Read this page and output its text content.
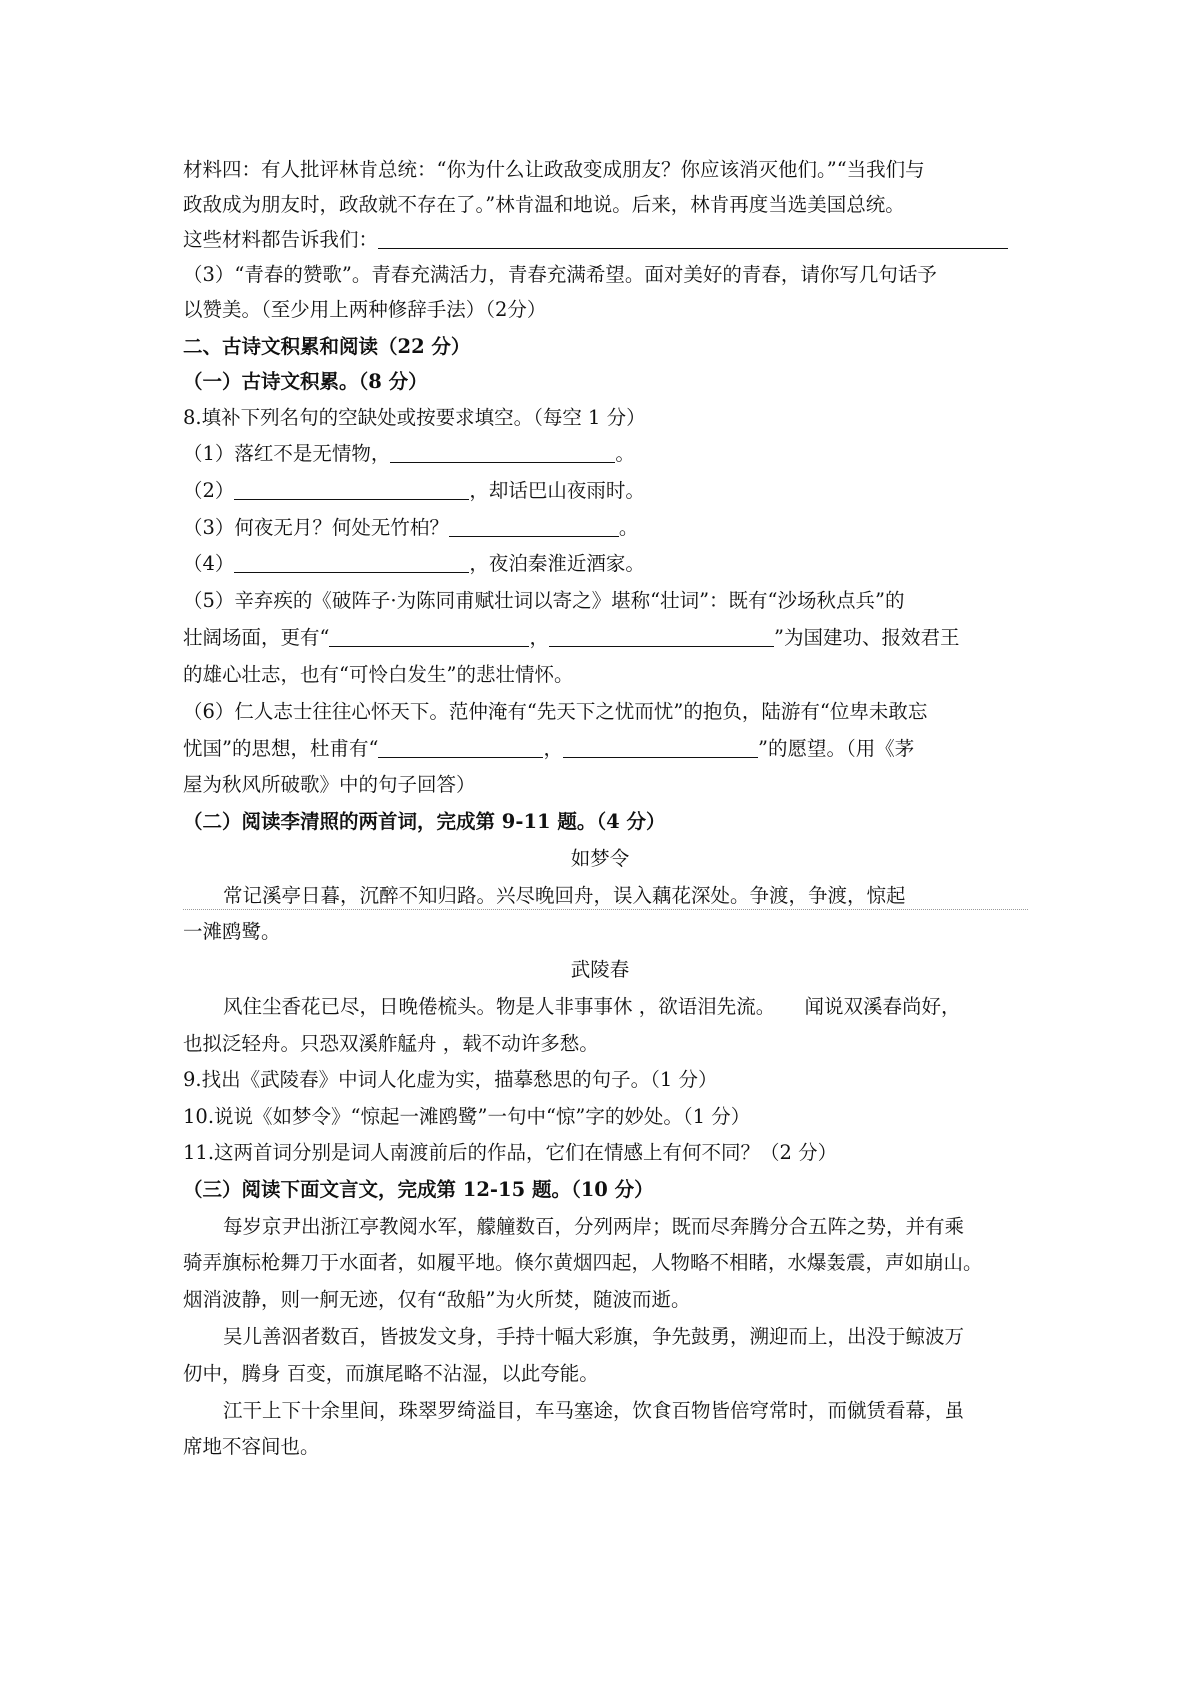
材料四：有人批评林肯总统：“你为什么让政敌变成朋友？你应该消灭他们。”“当我们与
政敌成为朋友时，政敌就不存在了。”林肯温和地说。后来，林肯再度当选美国总统。
这些材料都告诉我们：
（3）“青春的赞歌”。青春充满活力，青春充满希望。面对美好的青春，请你写几句话予
以赞美。（至少用上两种修辞手法）（2分）
二、古诗文积累和阅读（22 分）
（一）古诗文积累。（8 分）
8.填补下列名句的空缺处或按要求填空。（每空 1 分）
（1）落红不是无情物，	。
（2）	，却话巴山夜雨时。
（3）何夜无月？何处无竹柏？	。
（4）	，夜泊秦淮近酒家。
（5）辛弃疾的《破阵子·为陈同甫赋壮词以寄之》堪称“壮词”：既有“沙场秋点兵”的
壮阔场面，更有“	，	”为国建功、报效君王
的雄心壮志，也有“可怜白发生”的悲壮情怀。
（6）仁人志士往往心怀天下。范仲淹有“先天下之忧而忧”的抱负，陆游有“位卑未敢忘
忧国”的思想，杜甫有“	，	”的愿望。（用《茅
屋为秋风所破歌》中的句子回答）
（二）阅读李清照的两首词，完成第 9-11 题。（4 分）
如梦令
常记溪亭日暮，沉醉不知归路。兴尽晚回舟，误入藕花深处。争渡，争渡，惊起
一滩鸥鹭。
武陵春
风住尘香花已尽，日晚倦梳头。物是人非事事休 ，欲语泪先流。　　闻说双溪春尚好，
也拟泛轻舟。只恐双溪舴艋舟 ，载不动许多愁。
9.找出《武陵春》中词人化虚为实，描摹愁思的句子。（1 分）
10.说说《如梦令》“惊起一滩鸥鹭”一句中“惊”字的妙处。（1 分）
11.这两首词分别是词人南渡前后的作品，它们在情感上有何不同？（2 分）
（三）阅读下面文言文，完成第 12-15 题。（10 分）
每岁京尹出浙江亭教阅水军，艨艟数百，分列两岸；既而尽奔腾分合五阵之势，并有乘
骑弄旗标枪舞刀于水面者，如履平地。倏尔黄烟四起，人物略不相睹，水爆轰震，声如崩山。
烟消波静，则一舸无迹，仅有“敌船”为火所焚，随波而逝。
吴儿善泅者数百，皆披发文身，手持十幅大彩旗，争先鼓勇，溯迎而上，出没于鲸波万
仞中，腾身 百变，而旗尾略不沾湿，以此夸能。
江干上下十余里间，珠翠罗绮溢目，车马塞途，饮食百物皆倍穹常时，而僦赁看幕，虽
席地不容间也。
